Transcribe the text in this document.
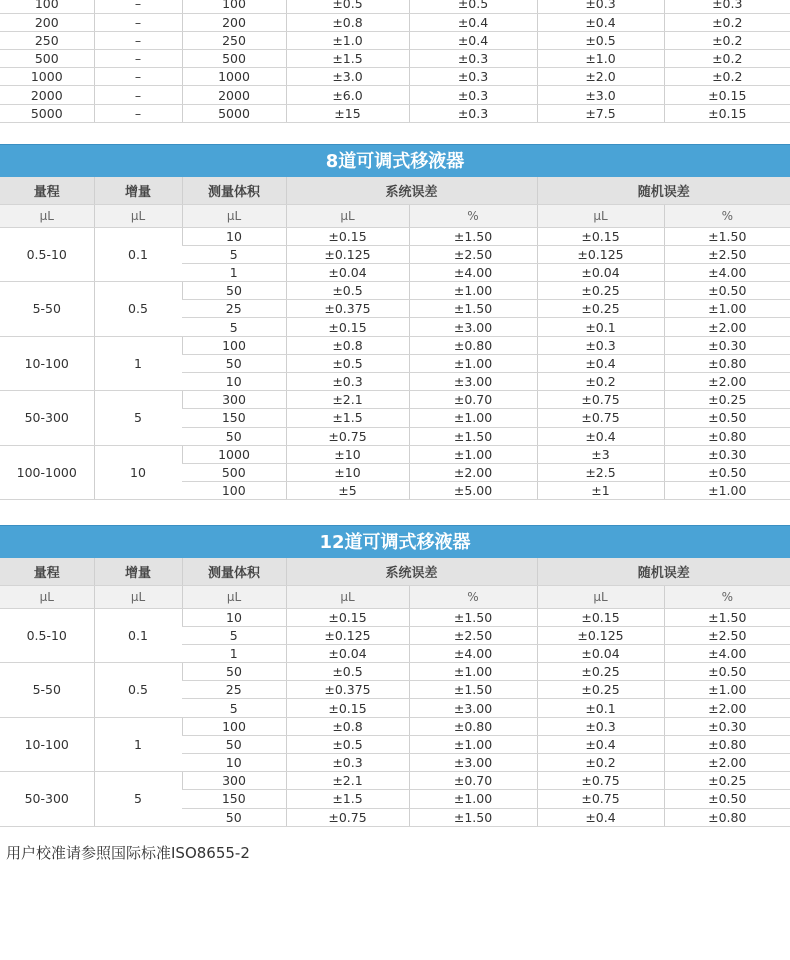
100	–	100	±0.5	±0.5	±0.3	±0.3
200	–	200	±0.8	±0.4	±0.4	±0.2
250	–	250	±1.0	±0.4	±0.5	±0.2
500	–	500	±1.5	±0.3	±1.0	±0.2
1000	–	1000	±3.0	±0.3	±2.0	±0.2
2000	–	2000	±6.0	±0.3	±3.0	±0.15
5000	–	5000	±15	±0.3	±7.5	±0.15
8道可调式移液器
量程	增量	测量体积	系统误差		随机误差	
μL	μL	μL	μL	%	μL	%
0.5-10	0.1	10	±0.15	±1.50	±0.15	±1.50
		5	±0.125	±2.50	±0.125	±2.50
		1	±0.04	±4.00	±0.04	±4.00
5-50	0.5	50	±0.5	±1.00	±0.25	±0.50
		25	±0.375	±1.50	±0.25	±1.00
		5	±0.15	±3.00	±0.1	±2.00
10-100	1	100	±0.8	±0.80	±0.3	±0.30
		50	±0.5	±1.00	±0.4	±0.80
		10	±0.3	±3.00	±0.2	±2.00
50-300	5	300	±2.1	±0.70	±0.75	±0.25
		150	±1.5	±1.00	±0.75	±0.50
		50	±0.75	±1.50	±0.4	±0.80
100-1000	10	1000	±10	±1.00	±3	±0.30
		500	±10	±2.00	±2.5	±0.50
		100	±5	±5.00	±1	±1.00
12道可调式移液器
量程	增量	测量体积	系统误差		随机误差	
μL	μL	μL	μL	%	μL	%
0.5-10	0.1	10	±0.15	±1.50	±0.15	±1.50
		5	±0.125	±2.50	±0.125	±2.50
		1	±0.04	±4.00	±0.04	±4.00
5-50	0.5	50	±0.5	±1.00	±0.25	±0.50
		25	±0.375	±1.50	±0.25	±1.00
		5	±0.15	±3.00	±0.1	±2.00
10-100	1	100	±0.8	±0.80	±0.3	±0.30
		50	±0.5	±1.00	±0.4	±0.80
		10	±0.3	±3.00	±0.2	±2.00
50-300	5	300	±2.1	±0.70	±0.75	±0.25
		150	±1.5	±1.00	±0.75	±0.50
		50	±0.75	±1.50	±0.4	±0.80
用户校准请参照国际标准ISO8655-2
